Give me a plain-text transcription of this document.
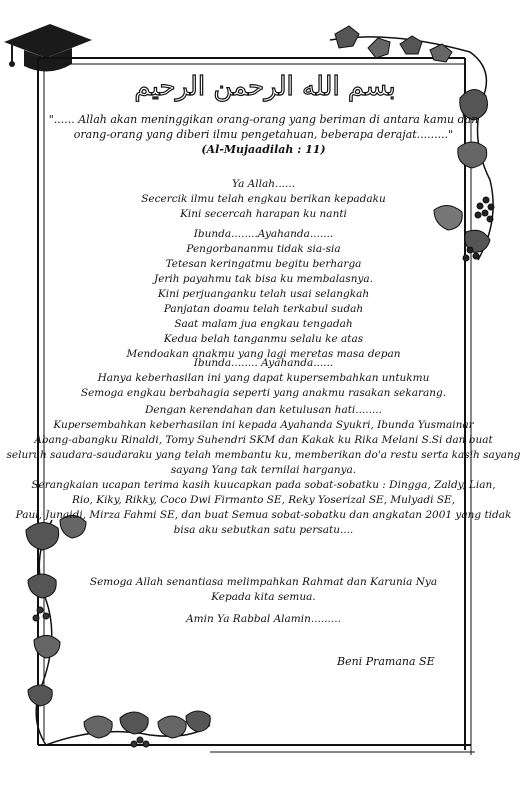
بسم الله الرحمن الرحيم

"...... Allah akan meninggikan orang-orang yang beriman di antara kamu dan

orang-orang yang diberi ilmu pengetahuan, beberapa derajat........."

(Al-Mujaadilah : 11)

Ya Allah......

Secercik ilmu telah engkau berikan kepadaku

Kini secercah harapan ku nanti

Ibunda........Ayahanda.......

Pengorbananmu tidak sia-sia

Tetesan keringatmu begitu berharga

Jerih payahmu tak bisa ku membalasnya.

Kini perjuanganku telah usai selangkah

Panjatan doamu telah terkabul sudah

Saat malam jua engkau tengadah

Kedua belah tanganmu selalu ke atas

Mendoakan anakmu yang lagi meretas masa depan

Ibunda........ Ayahanda......

Hanya keberhasilan ini yang dapat kupersembahkan untukmu

Semoga engkau berbahagia seperti yang anakmu rasakan sekarang.

Dengan kerendahan dan ketulusan hati........

Kupersembahkan keberhasilan ini kepada Ayahanda Syukri, Ibunda Yusmainar

Abang-abangku Rinaldi, Tomy Suhendri SKM dan Kakak ku Rika Melani S.Si dan buat

seluruh saudara-saudaraku yang telah membantu ku, memberikan do'a restu serta kasih sayang

sayang Yang tak ternilai harganya.

Serangkaian ucapan terima kasih kuucapkan pada sobat-sobatku : Dingga, Zaldy, Lian,

Rio, Kiky, Rikky, Coco Dwi Firmanto SE, Reky Yoserizal SE, Mulyadi SE,

Paul, Junaidi, Mirza Fahmi SE, dan buat Semua sobat-sobatku dan angkatan 2001 yang tidak

bisa aku sebutkan satu persatu....

Semoga Allah senantiasa melimpahkan Rahmat dan Karunia Nya

Kepada kita semua.

Amin Ya Rabbal Alamin.........

Beni Pramana SE
